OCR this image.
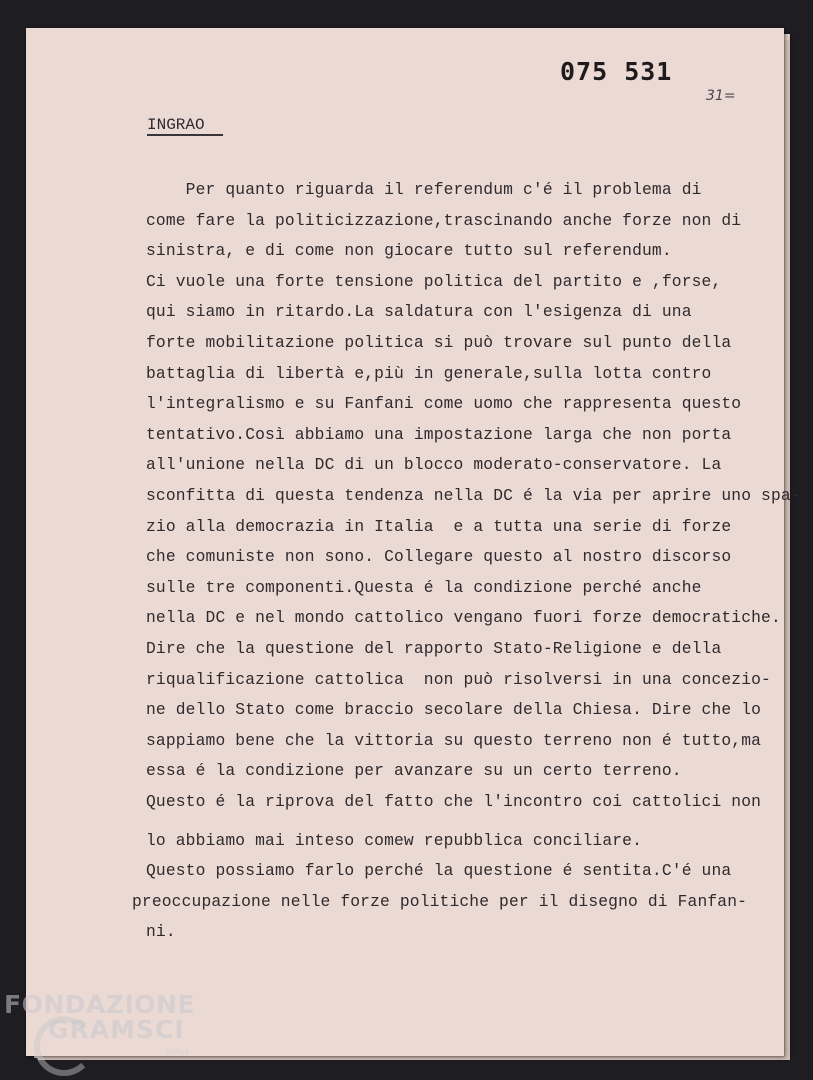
075 531
31=
INGRAO
Per quanto riguarda il referendum c'é il problema di
come fare la politicizzazione,trascinando anche forze non di
sinistra, e di come non giocare tutto sul referendum.
Ci vuole una forte tensione politica del partito e ,forse,
qui siamo in ritardo.La saldatura con l'esigenza di una
forte mobilitazione politica si può trovare sul punto della
battaglia di libertà e,più in generale,sulla lotta contro
l'integralismo e su Fanfani come uomo che rappresenta questo
tentativo.Così abbiamo una impostazione larga che non porta
all'unione nella DC di un blocco moderato-conservatore. La
sconfitta di questa tendenza nella DC é la via per aprire uno spa-
zio alla democrazia in Italia  e a tutta una serie di forze
che comuniste non sono. Collegare questo al nostro discorso
sulle tre componenti.Questa é la condizione perché anche
nella DC e nel mondo cattolico vengano fuori forze democratiche.
Dire che la questione del rapporto Stato-Religione e della
riqualificazione cattolica  non può risolversi in una concezio-
ne dello Stato come braccio secolare della Chiesa. Dire che lo
sappiamo bene che la vittoria su questo terreno non é tutto,ma
essa é la condizione per avanzare su un certo terreno.
Questo é la riprova del fatto che l'incontro coi cattolici non
lo abbiamo mai inteso comew repubblica conciliare.
Questo possiamo farlo perché la questione é sentita.C'é una
preoccupazione nelle forze politiche per il disegno di Fanfan-
ni.
FONDAZIONE
GRAMSCI
onlus
